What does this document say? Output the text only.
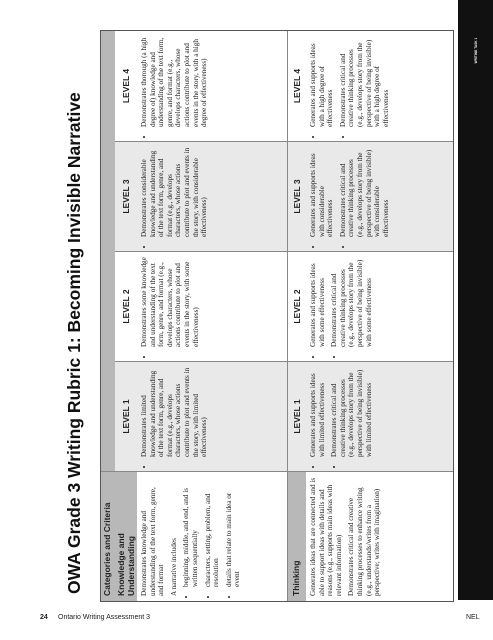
WRITING TASK 1
OWA Grade 3 Writing Rubric 1: Becoming Invisible Narrative	Categories and Criteria Knowledge and Understanding
LEVEL 1
LEVEL 2
LEVEL 3
LEVEL 4

Demonstrates knowledge and understanding of the text form, genre, and format A narrative includes • beginning, middle, and end, and is written sequentially • characters, setting, problem, and resolution • details that relate to main idea or event
• Demonstrates limited knowledge and understanding of the text form, genre, and format (e.g., develops characters, whose actions contribute to plot and events in the story, with limited effectiveness)
• Demonstrates some knowledge and understanding of the text form, genre, and format (e.g., develops characters, whose actions contribute to plot and events in the story, with some effectiveness)
• Demonstrates considerable knowledge and understanding of the text form, genre, and format (e.g., develops characters, whose actions contribute to plot and events in the story, with considerable effectiveness)
• Demonstrates thorough (a high degree of) knowledge and understanding of the text form, genre, and format (e.g., develops characters, whose actions contribute to plot and events in the story, with a high degree of effectiveness)
Thinking
LEVEL 1
LEVEL 2
LEVEL 3
LEVEL 4

Generates ideas that are connected and is able to support ideas with details and reasons (e.g., supports main ideas with relevant information) Demonstrates critical and creative thinking processes to enhance writing (e.g., understands/writes from a perspective; writes with imagination)

• Generates and supports ideas with limited effectiveness • Demonstrates critical and creative thinking processes (e.g., develops story from the perspective of being invisible) with limited effectiveness
• Generates and supports ideas with some effectiveness • Demonstrates critical and creative thinking processes (e.g., develops story from the perspective of being invisible) with some effectiveness
• Generates and supports ideas with considerable effectiveness • Demonstrates critical and creative thinking processes (e.g., develops story from the perspective of being invisible) with considerable effectiveness
• Generates and supports ideas with a high degree of effectiveness • Demonstrates critical and creative thinking processes (e.g., develops story from the perspective of being invisible) with a high degree of effectiveness
24 Ontario Writing Assessment 3	NEL
